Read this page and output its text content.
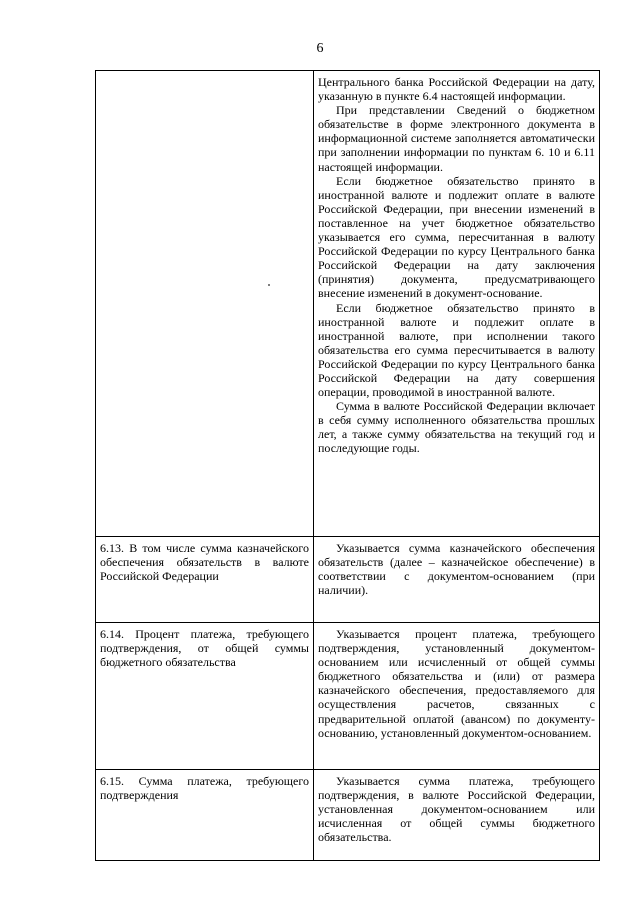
6

	Центрального банка Российской Федерации на дату, указанную в пункте 6.4 настоящей информации.

При представлении Сведений о бюджетном обязательстве в форме электронного документа в информационной системе заполняется автоматически при заполнении информации по пунктам 6. 10 и 6.11 настоящей информации.

Если бюджетное обязательство принято в иностранной валюте и подлежит оплате в валюте Российской Федерации, при внесении изменений в поставленное на учет бюджетное обязательство указывается его сумма, пересчитанная в валюту Российской Федерации по курсу Центрального банка Российской Федерации на дату заключения (принятия) документа, предусматривающего внесение изменений в документ-основание.

Если бюджетное обязательство принято в иностранной валюте и подлежит оплате в иностранной валюте, при исполнении такого обязательства его сумма пересчитывается в валюту Российской Федерации по курсу Центрального банка Российской Федерации на дату совершения операции, проводимой в иностранной валюте.

Сумма в валюте Российской Федерации включает в себя сумму исполненного обязательства прошлых лет, а также сумму обязательства на текущий год и последующие годы.

6.13. В том числе сумма казначейского обеспечения обязательств в валюте Российской Федерации	Указывается сумма казначейского обеспечения обязательств (далее – казначейское обеспечение) в соответствии с документом-основанием (при наличии).

6.14. Процент платежа, требующего подтверждения, от общей суммы бюджетного обязательства	Указывается процент платежа, требующего подтверждения, установленный документом-основанием или исчисленный от общей суммы бюджетного обязательства и (или) от размера казначейского обеспечения, предоставляемого для осуществления расчетов, связанных с предварительной оплатой (авансом) по документу-основанию, установленный документом-основанием.

6.15. Сумма платежа, требующего подтверждения	Указывается сумма платежа, требующего подтверждения, в валюте Российской Федерации, установленная документом-основанием или исчисленная от общей суммы бюджетного обязательства.
